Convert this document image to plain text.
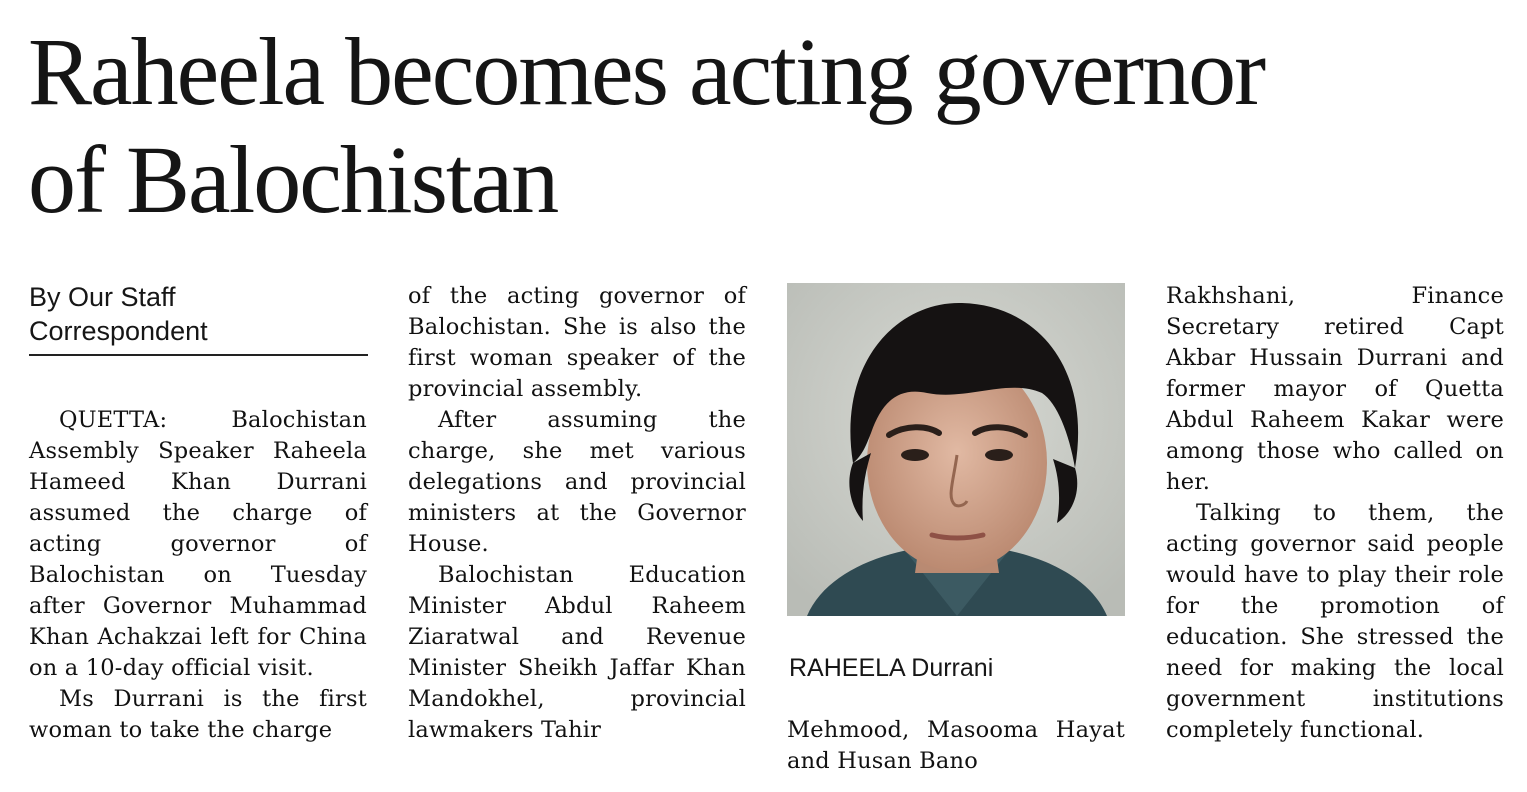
Raheela becomes acting governor
of Balochistan
By Our Staff
Correspondent

QUETTA: Balochistan Assembly Speaker Raheela Hameed Khan Durrani assumed the charge of acting governor of Balochistan on Tuesday after Governor Muhammad Khan Achakzai left for China on a 10-day official visit.

Ms Durrani is the first woman to take the charge

of the acting governor of Balochistan. She is also the first woman speaker of the provincial assembly.

After assuming the charge, she met various delegations and provincial ministers at the Governor House.

Balochistan Education Minister Abdul Raheem Ziaratwal and Revenue Minister Sheikh Jaffar Khan Mandokhel, provincial lawmakers Tahir

RAHEELA Durrani

Mehmood, Masooma Hayat and Husan Bano

Rakhshani, Finance Secretary retired Capt Akbar Hussain Durrani and former mayor of Quetta Abdul Raheem Kakar were among those who called on her.

Talking to them, the acting governor said people would have to play their role for the promotion of education. She stressed the need for making the local government institutions completely functional.
